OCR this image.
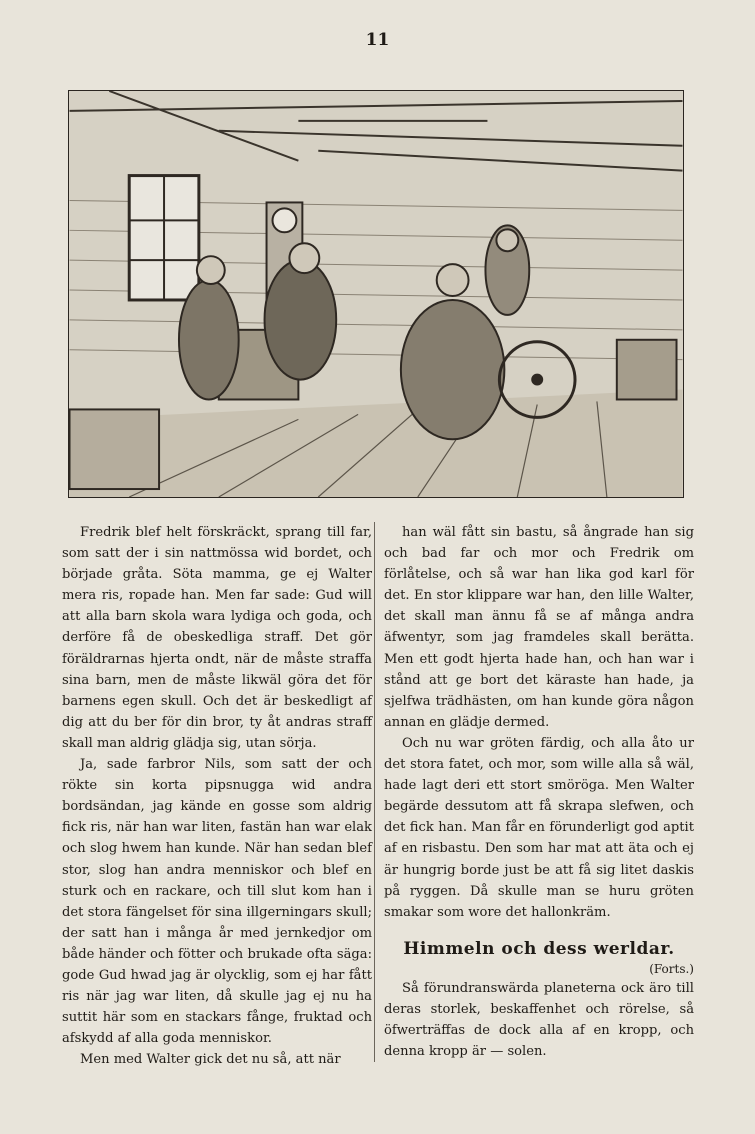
11

Fredrik blef helt förskräckt, sprang till far, som satt der i sin nattmössa wid bordet, och började gråta. Söta mamma, ge ej Walter mera ris, ropade han. Men far sade: Gud will att alla barn skola wara lydiga och goda, och derföre få de obeskedliga straff. Det gör föräldrarnas hjerta ondt, när de måste straffa sina barn, men de måste likwäl göra det för barnens egen skull. Och det är beskedligt af dig att du ber för din bror, ty åt andras straff skall man aldrig glädja sig, utan sörja.

Ja, sade farbror Nils, som satt der och rökte sin korta pipsnugga wid andra bordsändan, jag kände en gosse som aldrig fick ris, när han war liten, fastän han war elak och slog hwem han kunde. När han sedan blef stor, slog han andra menniskor och blef en sturk och en rackare, och till slut kom han i det stora fängelset för sina illgerningars skull; der satt han i många år med jernkedjor om både händer och fötter och brukade ofta säga: gode Gud hwad jag är olycklig, som ej har fått ris när jag war liten, då skulle jag ej nu ha suttit här som en stackars fånge, fruktad och afskydd af alla goda menniskor.

Men med Walter gick det nu så, att när

han wäl fått sin bastu, så ångrade han sig och bad far och mor och Fredrik om förlåtelse, och så war han lika god karl för det. En stor klippare war han, den lille Walter, det skall man ännu få se af många andra äfwentyr, som jag framdeles skall berätta. Men ett godt hjerta hade han, och han war i stånd att ge bort det käraste han hade, ja sjelfwa trädhästen, om han kunde göra någon annan en glädje dermed.

Och nu war gröten färdig, och alla åto ur det stora fatet, och mor, som wille alla så wäl, hade lagt deri ett stort smöröga. Men Walter begärde dessutom att få skrapa slefwen, och det fick han. Man får en förunderligt god aptit af en risbastu. Den som har mat att äta och ej är hungrig borde just be att få sig litet daskis på ryggen. Då skulle man se huru gröten smakar som wore det hallonkräm.

Himmeln och dess werldar.

(Forts.)

Så förundranswärda planeterna ock äro till deras storlek, beskaffenhet och rörelse, så öfwerträffas de dock alla af en kropp, och denna kropp är — solen.
